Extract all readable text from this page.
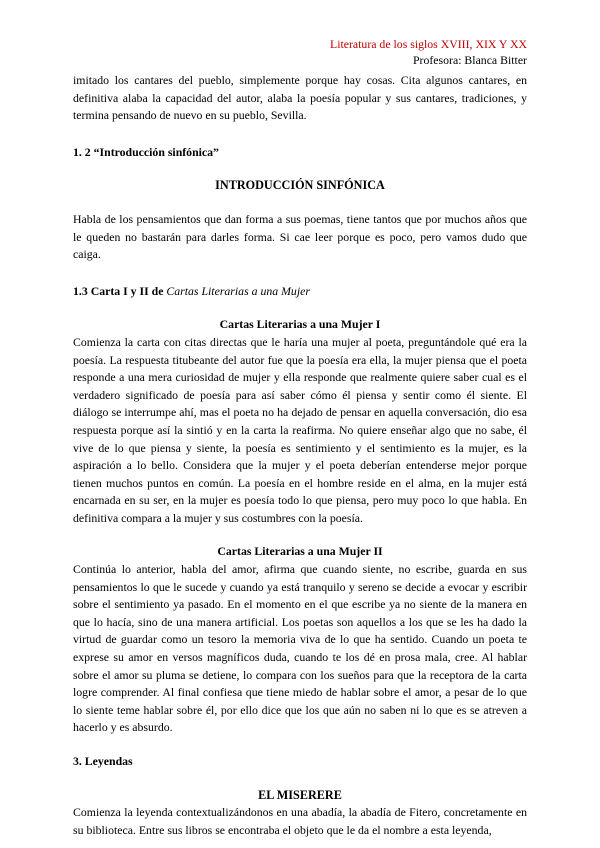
Literatura de los siglos XVIII, XIX Y XX
Profesora: Blanca Bitter

imitado los cantares del pueblo, simplemente porque hay cosas. Cita algunos cantares, en definitiva alaba la capacidad del autor, alaba la poesía popular y sus cantares, tradiciones, y termina pensando de nuevo en su pueblo, Sevilla.

1. 2 “Introducción sinfónica”
INTRODUCCIÓN SINFÓNICA

Habla de los pensamientos que dan forma a sus poemas, tiene tantos que por muchos años que le queden no bastarán para darles forma. Si cae leer porque es poco, pero vamos dudo que caiga.

1.3 Carta I y II de Cartas Literarias a una Mujer
Cartas Literarias a una Mujer I

Comienza la carta con citas directas que le haría una mujer al poeta, preguntándole qué era la poesía. La respuesta titubeante del autor fue que la poesía era ella, la mujer piensa que el poeta responde a una mera curiosidad de mujer y ella responde que realmente quiere saber cual es el verdadero significado de poesía para así saber cómo él piensa y sentir como él siente. El diálogo se interrumpe ahí, mas el poeta no ha dejado de pensar en aquella conversación, dio esa respuesta porque así la sintió y en la carta la reafirma. No quiere enseñar algo que no sabe, él vive de lo que piensa y siente, la poesía es sentimiento y el sentimiento es la mujer, es la aspiración a lo bello. Considera que la mujer y el poeta deberían entenderse mejor porque tienen muchos puntos en común. La poesía en el hombre reside en el alma, en la mujer está encarnada en su ser, en la mujer es poesía todo lo que piensa, pero muy poco lo que habla. En definitiva compara a la mujer y sus costumbres con la poesía.

Cartas Literarias a una Mujer II

Continúa lo anterior, habla del amor, afirma que cuando siente, no escribe, guarda en sus pensamientos lo que le sucede y cuando ya está tranquilo y sereno se decide a evocar y escribir sobre el sentimiento ya pasado. En el momento en el que escribe ya no siente de la manera en que lo hacía, sino de una manera artificial. Los poetas son aquellos a los que se les ha dado la virtud de guardar como un tesoro la memoria viva de lo que ha sentido. Cuando un poeta te exprese su amor en versos magníficos duda, cuando te los dé en prosa mala, cree. Al hablar sobre el amor su pluma se detiene, lo compara con los sueños para que la receptora de la carta logre comprender. Al final confiesa que tiene miedo de hablar sobre el amor, a pesar de lo que lo siente teme hablar sobre él, por ello dice que los que aún no saben ni lo que es se atreven a hacerlo y es absurdo.

3. Leyendas
EL MISERERE

Comienza la leyenda contextualizándonos en una abadía, la abadía de Fitero, concretamente en su biblioteca. Entre sus libros se encontraba el objeto que le da el nombre a esta leyenda,
